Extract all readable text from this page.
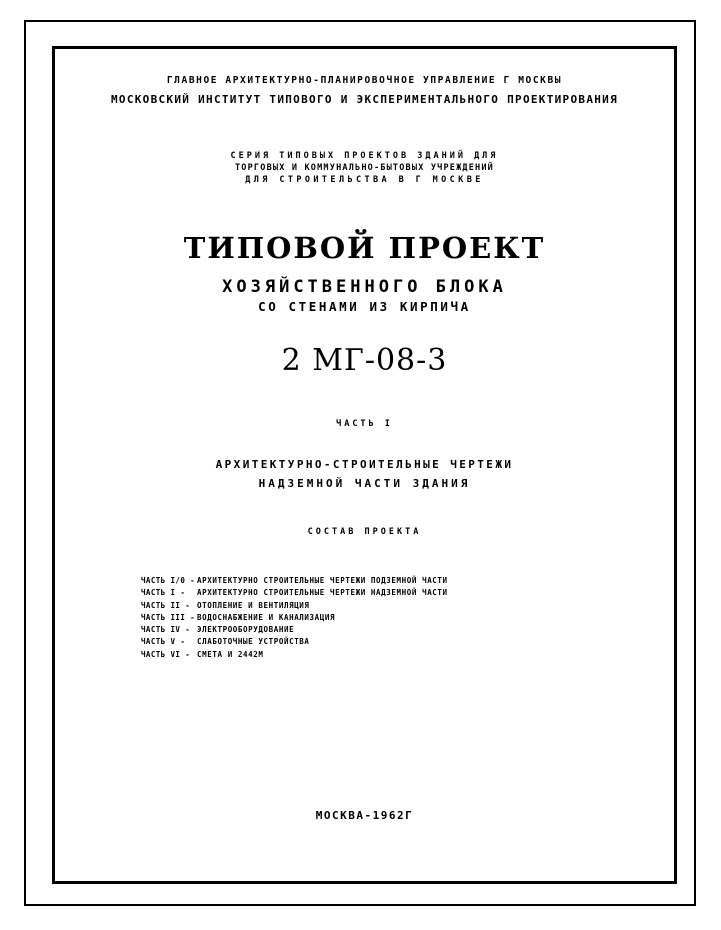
ГЛАВНОЕ АРХИТЕКТУРНО-ПЛАНИРОВОЧНОЕ УПРАВЛЕНИЕ Г МОСКВЫ
МОСКОВСКИЙ ИНСТИТУТ ТИПОВОГО И ЭКСПЕРИМЕНТАЛЬНОГО ПРОЕКТИРОВАНИЯ
СЕРИЯ ТИПОВЫХ ПРОЕКТОВ ЗДАНИЙ ДЛЯ
ТОРГОВЫХ И КОММУНАЛЬНО-БЫТОВЫХ УЧРЕЖДЕНИЙ
ДЛЯ СТРОИТЕЛЬСТВА В Г МОСКВЕ
ТИПОВОЙ ПРОЕКТ
ХОЗЯЙСТВЕННОГО БЛОКА
СО СТЕНАМИ ИЗ КИРПИЧА
2 МГ-08-3
ЧАСТЬ I
АРХИТЕКТУРНО-СТРОИТЕЛЬНЫЕ ЧЕРТЕЖИ
НАДЗЕМНОЙ ЧАСТИ ЗДАНИЯ
СОСТАВ ПРОЕКТА
ЧАСТЬ I/0 - АРХИТЕКТУРНО СТРОИТЕЛЬНЫЕ ЧЕРТЕЖИ ПОДЗЕМНОЙ ЧАСТИ
ЧАСТЬ I - АРХИТЕКТУРНО СТРОИТЕЛЬНЫЕ ЧЕРТЕЖИ НАДЗЕМНОЙ ЧАСТИ
ЧАСТЬ II - ОТОПЛЕНИЕ И ВЕНТИЛЯЦИЯ
ЧАСТЬ III - ВОДОСНАБЖЕНИЕ И КАНАЛИЗАЦИЯ
ЧАСТЬ IV - ЭЛЕКТРООБОРУДОВАНИЕ
ЧАСТЬ V - СЛАБОТОЧНЫЕ УСТРОЙСТВА
ЧАСТЬ VI - СМЕТА И 2442М
МОСКВА-1962Г
